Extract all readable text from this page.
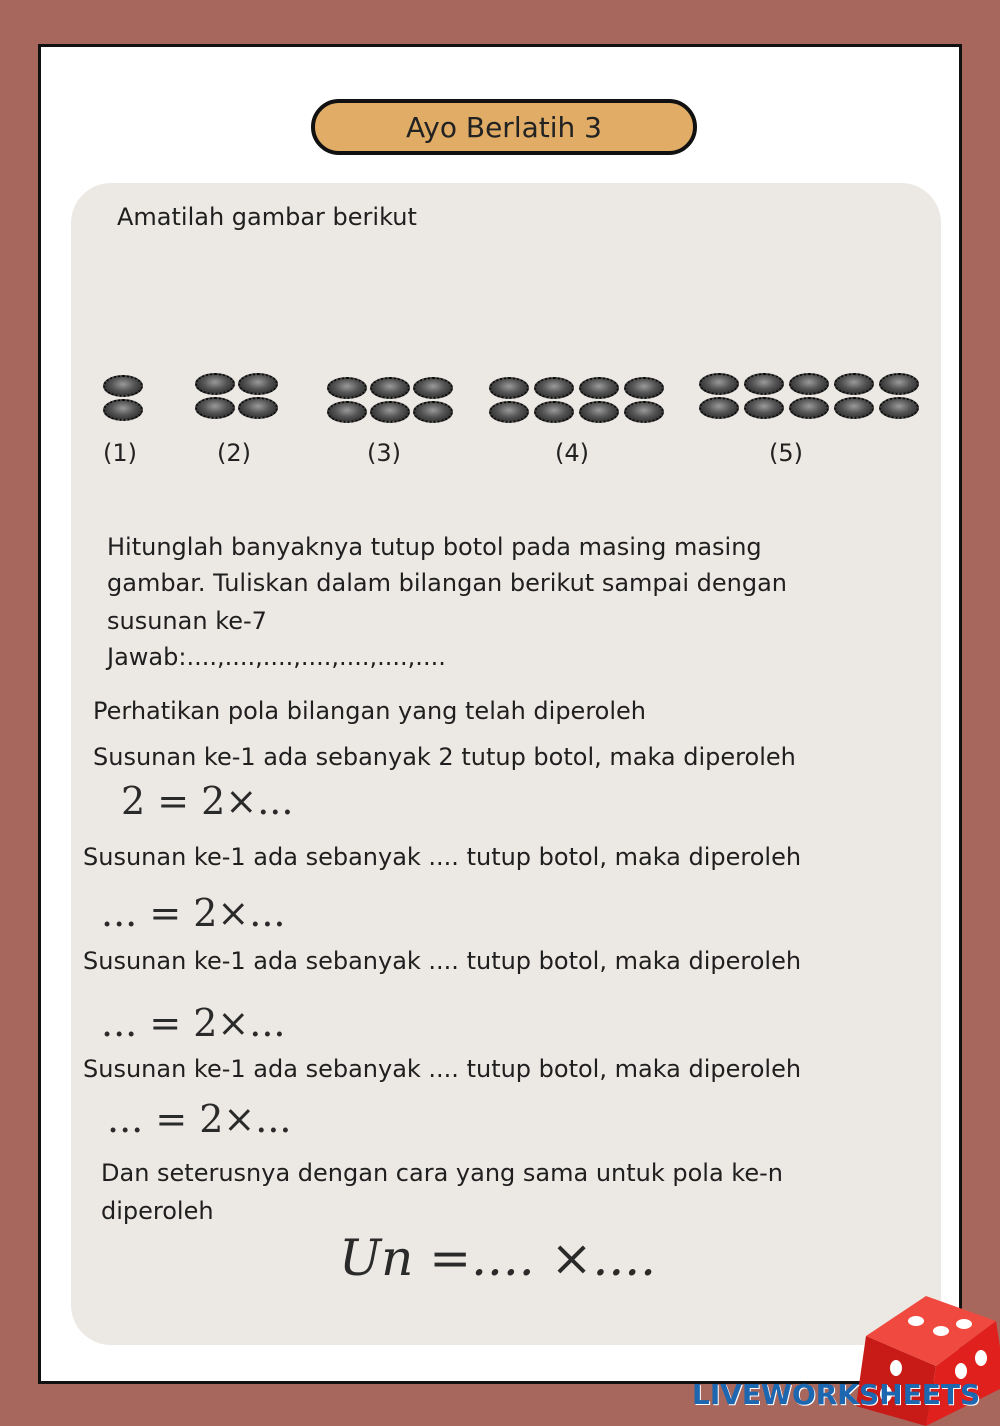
Ayo Berlatih 3
Amatilah gambar berikut
(1)	(2)	(3)	(4)	(5)
Hitunglah banyaknya tutup botol pada masing masing
gambar. Tuliskan dalam bilangan berikut sampai dengan
susunan ke-7
Jawab:....,....,....,....,....,....,....
Perhatikan pola bilangan yang telah diperoleh
Susunan ke-1 ada sebanyak 2 tutup botol, maka diperoleh
2 = 2×...
Susunan ke-1 ada sebanyak .... tutup botol, maka diperoleh
... = 2×...
Susunan ke-1 ada sebanyak .... tutup botol, maka diperoleh
... = 2×...
Susunan ke-1 ada sebanyak .... tutup botol, maka diperoleh
... = 2×...
Dan seterusnya dengan cara yang sama untuk pola ke-n
diperoleh
Un =.... ×....
LIVEWORKSHEETS
